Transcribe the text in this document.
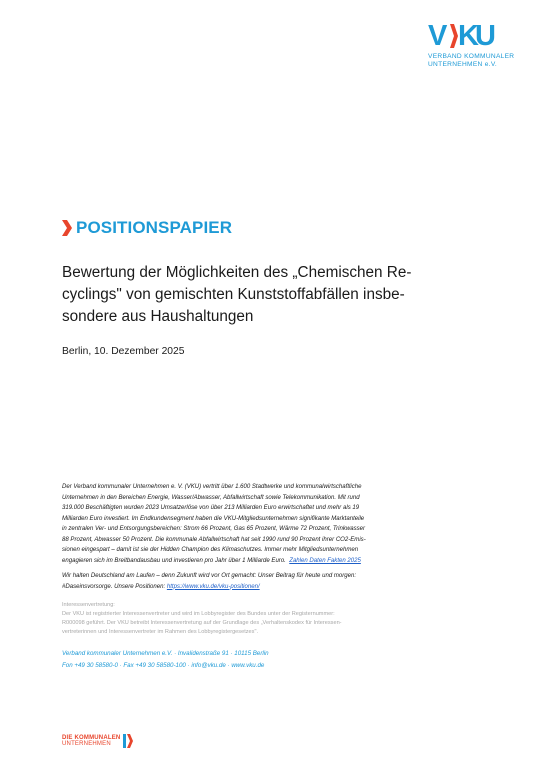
V K
U
VERBAND KOMMUNALER
UNTERNEHMEN e.V.
POSITIONSPAPIER
Bewertung der Möglichkeiten des „Chemischen Re-
cyclings" von gemischten Kunststoffabfällen insbe-
sondere aus Haushaltungen
Berlin, 10. Dezember 2025
Der Verband kommunaler Unternehmen e. V. (VKU) vertritt über 1.600 Stadtwerke und kommunalwirtschaftliche
Unternehmen in den Bereichen Energie, Wasser/Abwasser, Abfallwirtschaft sowie Telekommunikation. Mit rund
319.000 Beschäftigten wurden 2023 Umsatzerlöse von über 213 Milliarden Euro erwirtschaftet und mehr als 19
Milliarden Euro investiert. Im Endkundensegment haben die VKU-Mitgliedsunternehmen signifikante Marktanteile
in zentralen Ver- und Entsorgungsbereichen: Strom 66 Prozent, Gas 65 Prozent, Wärme 72 Prozent, Trinkwasser
88 Prozent, Abwasser 50 Prozent. Die kommunale Abfallwirtschaft hat seit 1990 rund 90 Prozent ihrer CO2-Emis-
sionen eingespart – damit ist sie der Hidden Champion des Klimaschutzes. Immer mehr Mitgliedsunternehmen
engagieren sich im Breitbandausbau und investieren pro Jahr über 1 Milliarde Euro. Zahlen Daten Fakten 2025
Wir halten Deutschland am Laufen – denn Zukunft wird vor Ort gemacht: Unser Beitrag für heute und morgen:
#Daseinsvorsorge. Unsere Positionen: https://www.vku.de/vku-positionen/
Interessenvertretung:
Der VKU ist registrierter Interessenvertreter und wird im Lobbyregister des Bundes unter der Registernummer:
R000098 geführt. Der VKU betreibt Interessenvertretung auf der Grundlage des „Verhaltenskodex für Interessen-
vertreterinnen und Interessenvertreter im Rahmen des Lobbyregistergesetzes".
Verband kommunaler Unternehmen e.V. · Invalidenstraße 91 · 10115 Berlin
Fon +49 30 58580-0 · Fax +49 30 58580-100 · info@vku.de · www.vku.de
DIE KOMMUNALEN
UNTERNEHMEN
